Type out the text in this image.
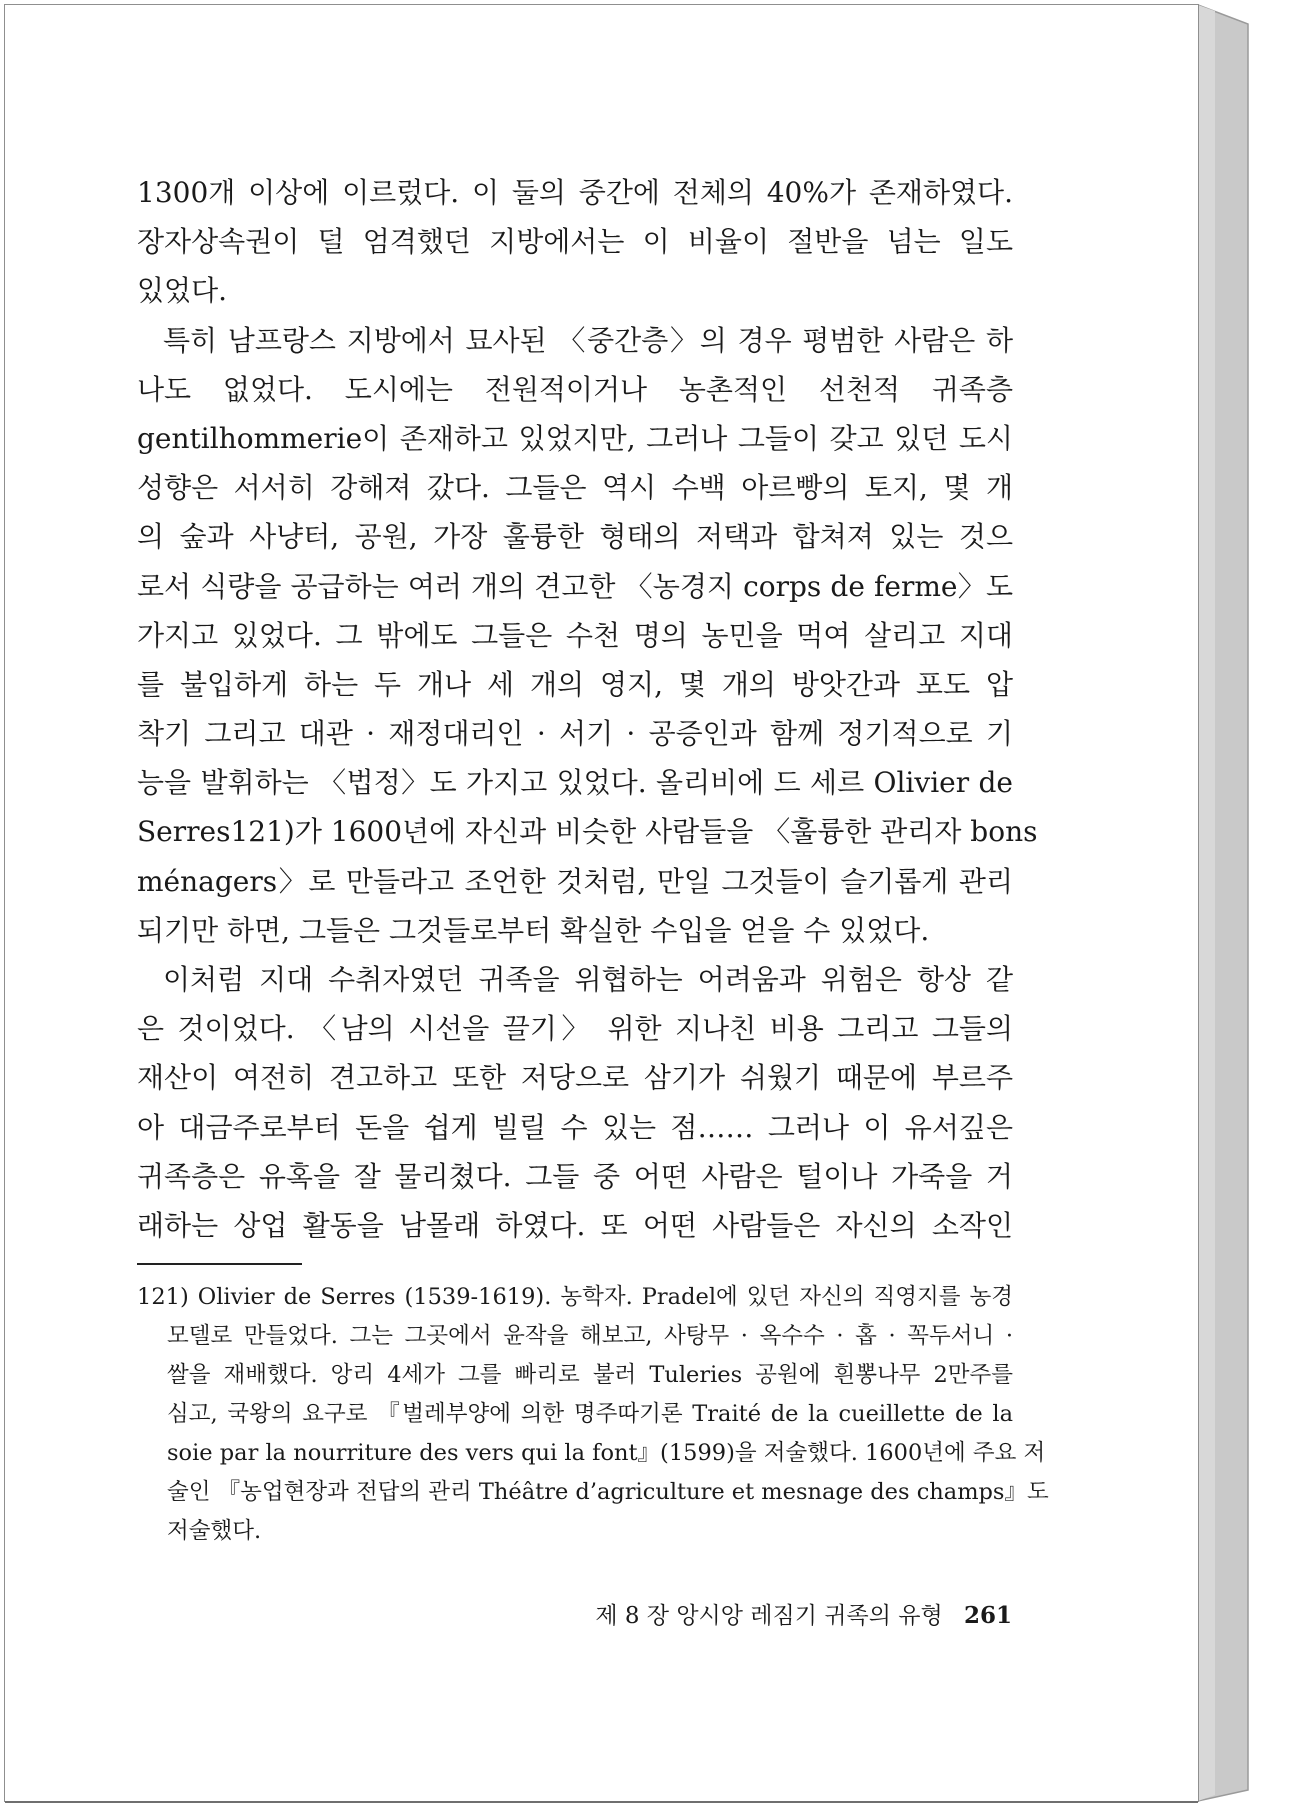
1300개 이상에 이르렀다. 이 둘의 중간에 전체의 40%가 존재하였다.
장자상속권이 덜 엄격했던 지방에서는 이 비율이 절반을 넘는 일도
있었다.
특히 남프랑스 지방에서 묘사된 〈중간층〉의 경우 평범한 사람은 하
나도 없었다. 도시에는 전원적이거나 농촌적인 선천적 귀족층
gentilhommerie이 존재하고 있었지만, 그러나 그들이 갖고 있던 도시
성향은 서서히 강해져 갔다. 그들은 역시 수백 아르빵의 토지, 몇 개
의 숲과 사냥터, 공원, 가장 훌륭한 형태의 저택과 합쳐져 있는 것으
로서 식량을 공급하는 여러 개의 견고한 〈농경지 corps de ferme〉도
가지고 있었다. 그 밖에도 그들은 수천 명의 농민을 먹여 살리고 지대
를 불입하게 하는 두 개나 세 개의 영지, 몇 개의 방앗간과 포도 압
착기 그리고 대관 · 재정대리인 · 서기 · 공증인과 함께 정기적으로 기
능을 발휘하는 〈법정〉도 가지고 있었다. 올리비에 드 세르 Olivier de
Serres121)가 1600년에 자신과 비슷한 사람들을 〈훌륭한 관리자 bons
ménagers〉로 만들라고 조언한 것처럼, 만일 그것들이 슬기롭게 관리
되기만 하면, 그들은 그것들로부터 확실한 수입을 얻을 수 있었다.
이처럼 지대 수취자였던 귀족을 위협하는 어려움과 위험은 항상 같
은 것이었다. 〈남의 시선을 끌기〉 위한 지나친 비용 그리고 그들의
재산이 여전히 견고하고 또한 저당으로 삼기가 쉬웠기 때문에 부르주
아 대금주로부터 돈을 쉽게 빌릴 수 있는 점…… 그러나 이 유서깊은
귀족층은 유혹을 잘 물리쳤다. 그들 중 어떤 사람은 털이나 가죽을 거
래하는 상업 활동을 남몰래 하였다. 또 어떤 사람들은 자신의 소작인
121) Olivier de Serres (1539-1619). 농학자. Pradel에 있던 자신의 직영지를 농경
모델로 만들었다. 그는 그곳에서 윤작을 해보고, 사탕무 · 옥수수 · 홉 · 꼭두서니 ·
쌀을 재배했다. 앙리 4세가 그를 빠리로 불러 Tuleries 공원에 흰뽕나무 2만주를
심고, 국왕의 요구로 『벌레부양에 의한 명주따기론 Traité de la cueillette de la
soie par la nourriture des vers qui la font』(1599)을 저술했다. 1600년에 주요 저
술인 『농업현장과 전답의 관리 Théâtre d’agriculture et mesnage des champs』도
저술했다.
제 8 장 앙시앙 레짐기 귀족의 유형 261
